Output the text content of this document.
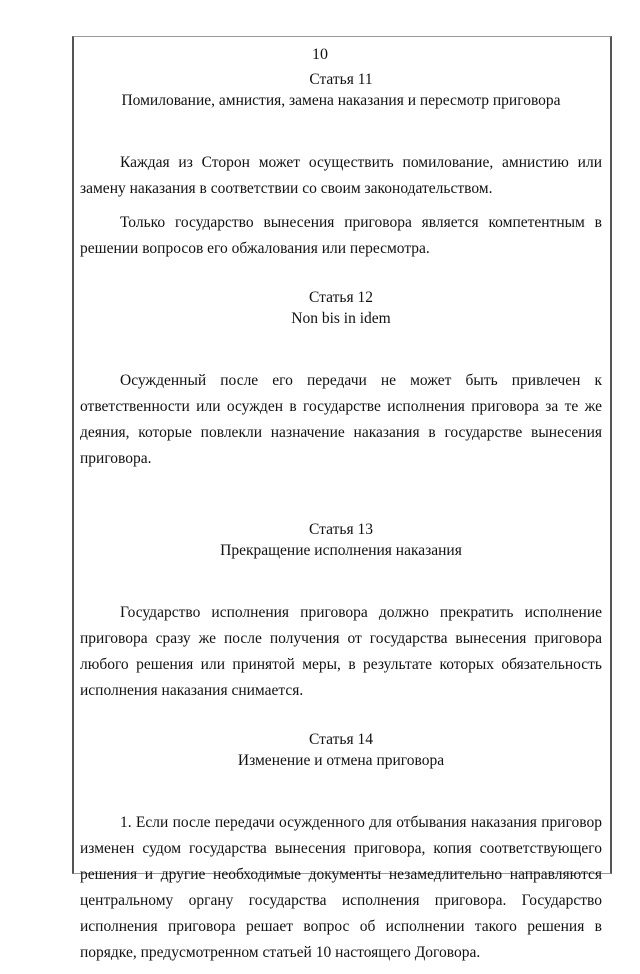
10
Статья 11
Помилование, амнистия, замена наказания и пересмотр приговора

Каждая из Сторон может осуществить помилование, амнистию или замену наказания в соответствии со своим законодательством.

Только государство вынесения приговора является компетентным в решении вопросов его обжалования или пересмотра.

Статья 12
Non bis in idem

Осужденный после его передачи не может быть привлечен к ответственности или осужден в государстве исполнения приговора за те же деяния, которые повлекли назначение наказания в государстве вынесения приговора.

Статья 13
Прекращение исполнения наказания

Государство исполнения приговора должно прекратить исполнение приговора сразу же после получения от государства вынесения приговора любого решения или принятой меры, в результате которых обязательность исполнения наказания снимается.

Статья 14
Изменение и отмена приговора

1. Если после передачи осужденного для отбывания наказания приговор изменен судом государства вынесения приговора, копия соответствующего решения и другие необходимые документы незамедлительно направляются центральному органу государства исполнения приговора. Государство исполнения приговора решает вопрос об исполнении такого решения в порядке, предусмотренном статьей 10 настоящего Договора.
